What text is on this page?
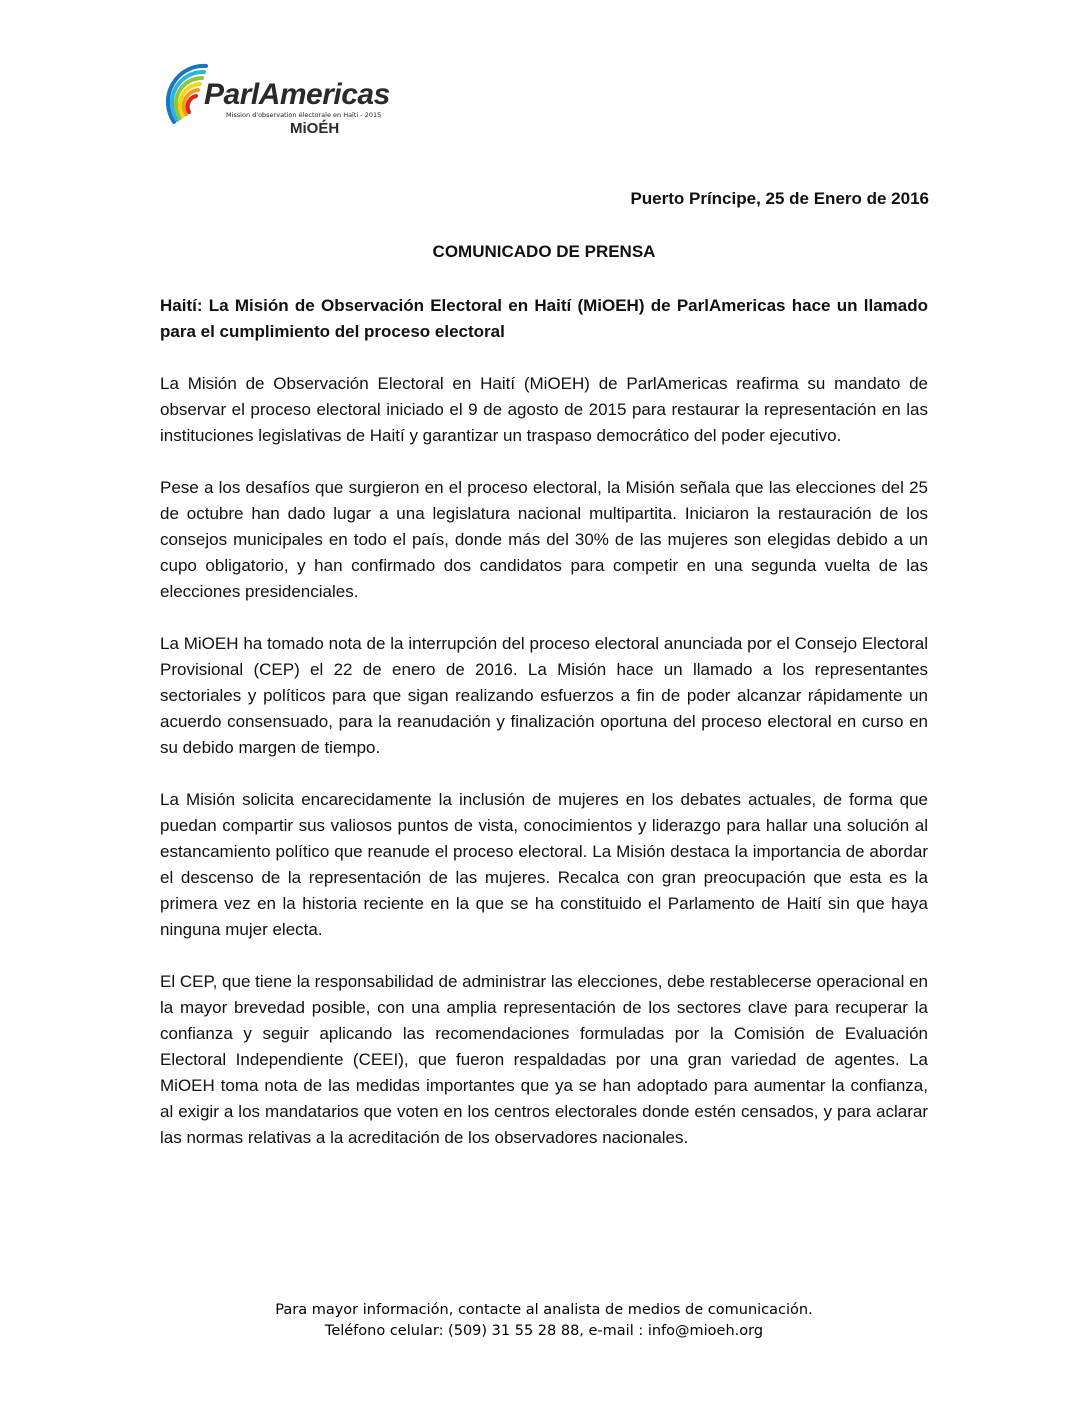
ParlAmericas
Mission d'observation électorale en Haïti - 2015
MiOÉH
Puerto Príncipe, 25 de Enero de 2016
COMUNICADO DE PRENSA

Haití: La Misión de Observación Electoral en Haití (MiOEH) de ParlAmericas hace un llamado para el cumplimiento del proceso electoral

La Misión de Observación Electoral en Haití (MiOEH) de ParlAmericas reafirma su mandato de observar el proceso electoral iniciado el 9 de agosto de 2015 para restaurar la representación en las instituciones legislativas de Haití y garantizar un traspaso democrático del poder ejecutivo.

Pese a los desafíos que surgieron en el proceso electoral, la Misión señala que las elecciones del 25 de octubre han dado lugar a una legislatura nacional multipartita. Iniciaron la restauración de los consejos municipales en todo el país, donde más del 30% de las mujeres son elegidas debido a un cupo obligatorio, y han confirmado dos candidatos para competir en una segunda vuelta de las elecciones presidenciales.

La MiOEH ha tomado nota de la interrupción del proceso electoral anunciada por el Consejo Electoral Provisional (CEP) el 22 de enero de 2016. La Misión hace un llamado a los representantes sectoriales y políticos para que sigan realizando esfuerzos a fin de poder alcanzar rápidamente un acuerdo consensuado, para la reanudación y finalización oportuna del proceso electoral en curso en su debido margen de tiempo.

La Misión solicita encarecidamente la inclusión de mujeres en los debates actuales, de forma que puedan compartir sus valiosos puntos de vista, conocimientos y liderazgo para hallar una solución al estancamiento político que reanude el proceso electoral. La Misión destaca la importancia de abordar el descenso de la representación de las mujeres. Recalca con gran preocupación que esta es la primera vez en la historia reciente en la que se ha constituido el Parlamento de Haití sin que haya ninguna mujer electa.

El CEP, que tiene la responsabilidad de administrar las elecciones, debe restablecerse operacional en la mayor brevedad posible, con una amplia representación de los sectores clave para recuperar la confianza y seguir aplicando las recomendaciones formuladas por la Comisión de Evaluación Electoral Independiente (CEEI), que fueron respaldadas por una gran variedad de agentes. La MiOEH toma nota de las medidas importantes que ya se han adoptado para aumentar la confianza, al exigir a los mandatarios que voten en los centros electorales donde estén censados, y para aclarar las normas relativas a la acreditación de los observadores nacionales.

Para mayor información, contacte al analista de medios de comunicación.
Teléfono celular: (509) 31 55 28 88, e-mail : info@mioeh.org
